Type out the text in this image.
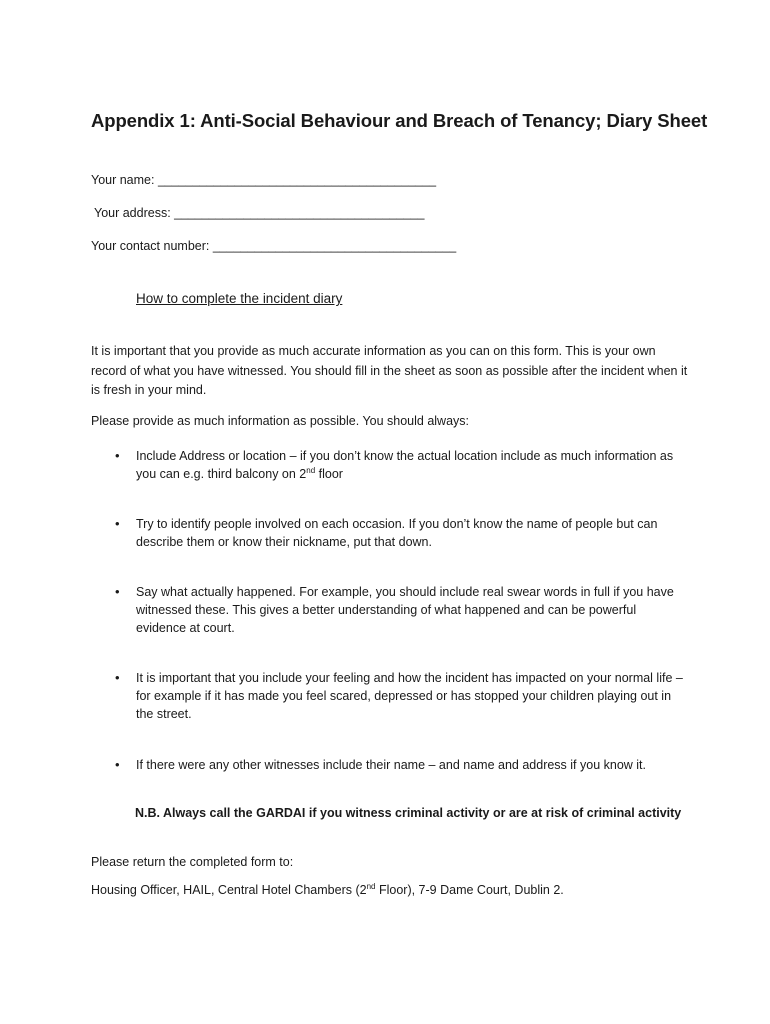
Appendix 1: Anti-Social Behaviour and Breach of Tenancy; Diary Sheet
Your name: ________________________________________
Your address: ____________________________________
Your contact number: ___________________________________
How to complete the incident diary
It is important that you provide as much accurate information as you can on this form. This is your own record of what you have witnessed. You should fill in the sheet as soon as possible after the incident when it is fresh in your mind.
Please provide as much information as possible. You should always:
• Include Address or location – if you don’t know the actual location include as much information as you can e.g. third balcony on 2nd floor
• Try to identify people involved on each occasion. If you don’t know the name of people but can describe them or know their nickname, put that down.
• Say what actually happened. For example, you should include real swear words in full if you have witnessed these. This gives a better understanding of what happened and can be powerful evidence at court.
• It is important that you include your feeling and how the incident has impacted on your normal life – for example if it has made you feel scared, depressed or has stopped your children playing out in the street.
• If there were any other witnesses include their name – and name and address if you know it.
N.B. Always call the GARDAI if you witness criminal activity or are at risk of criminal activity
Please return the completed form to:
Housing Officer, HAIL, Central Hotel Chambers (2nd Floor), 7-9 Dame Court, Dublin 2.
